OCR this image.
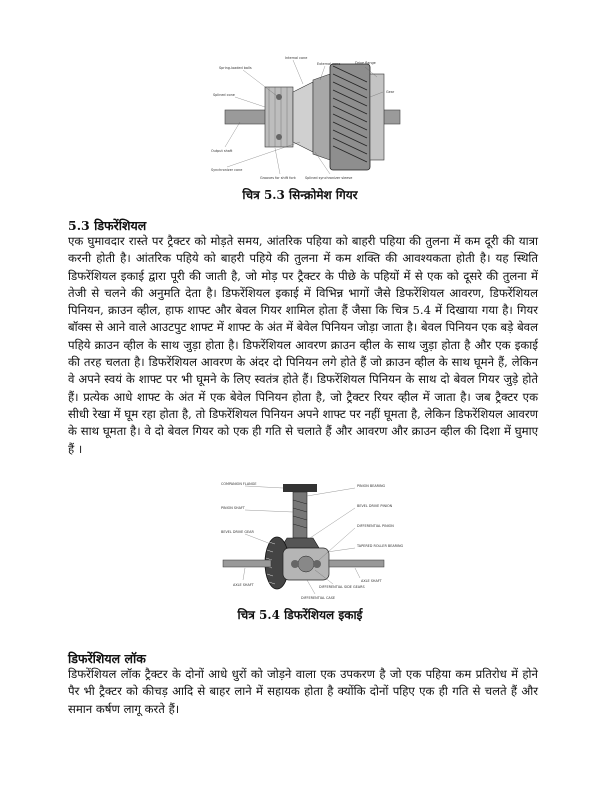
Internal cone
External cone
Spring-loaded balls
Drive flange
Gear
Splined cone
Output shaft
Synchronizer cone
Grooves for shift fork	Splined synchronizer sleeve
चित्र 5.3 सिन्क्रोमेश गियर
5.3 डिफरेंशियल

एक घुमावदार रास्ते पर ट्रैक्टर को मोड़ते समय, आंतरिक पहिया को बाहरी पहिया की तुलना में कम दूरी की यात्रा करनी होती है। आंतरिक पहिये को बाहरी पहिये की तुलना में कम शक्ति की आवश्यकता होती है। यह स्थिति डिफरेंशियल इकाई द्वारा पूरी की जाती है, जो मोड़ पर ट्रैक्टर के पीछे के पहियों में से एक को दूसरे की तुलना में तेजी से चलने की अनुमति देता है। डिफरेंशियल इकाई में विभिन्न भागों जैसे डिफरेंशियल आवरण, डिफरेंशियल पिनियन, क्राउन व्हील, हाफ शाफ्ट और बेवल गियर शामिल होता हैं जैसा कि चित्र 5.4 में दिखाया गया है। गियर बॉक्स से आने वाले आउटपुट शाफ्ट में शाफ्ट के अंत में बेवेल पिनियन जोड़ा जाता है। बेवल पिनियन एक बड़े बेवल पहिये क्राउन व्हील के साथ जुड़ा होता है। डिफरेंशियल आवरण क्राउन व्हील के साथ जुड़ा होता है और एक इकाई की तरह चलता है। डिफरेंशियल आवरण के अंदर दो पिनियन लगे होते हैं जो क्राउन व्हील के साथ घूमने हैं, लेकिन वे अपने स्वयं के शाफ्ट पर भी घूमने के लिए स्वतंत्र होते हैं। डिफरेंशियल पिनियन के साथ दो बेवल गियर जुड़े होते हैं। प्रत्येक आधे शाफ्ट के अंत में एक बेवेल पिनियन होता है, जो ट्रैक्टर रियर व्हील में जाता है। जब ट्रैक्टर एक सीधी रेखा में घूम रहा होता है, तो डिफरेंशियल पिनियन अपने शाफ्ट पर नहीं घूमता है, लेकिन डिफरेंशियल आवरण के साथ घूमता है। वे दो बेवल गियर को एक ही गति से चलाते हैं और आवरण और क्राउन व्हील की दिशा में घुमाए हैं ।

COMPANION FLANGE	PINION BEARING
PINION SHAFT	BEVEL DRIVE PINION
BEVEL DRIVE GEAR
DIFFERENTIAL PINION
TAPERED ROLLER BEARING
AXLE SHAFT
AXLE SHAFT
DIFFERENTIAL SIDE GEARS
DIFFERENTIAL CASE
चित्र 5.4 डिफरेंशियल इकाई
डिफरेंशियल लॉक

डिफरेंशियल लॉक ट्रैक्टर के दोनों आधे धुरों को जोड़ने वाला एक उपकरण है जो एक पहिया कम प्रतिरोध में होने पैर भी ट्रैक्टर को कीचड़ आदि से बाहर लाने में सहायक होता है क्योंकि दोनों पहिए एक ही गति से चलते हैं और समान कर्षण लागू करते हैं।
